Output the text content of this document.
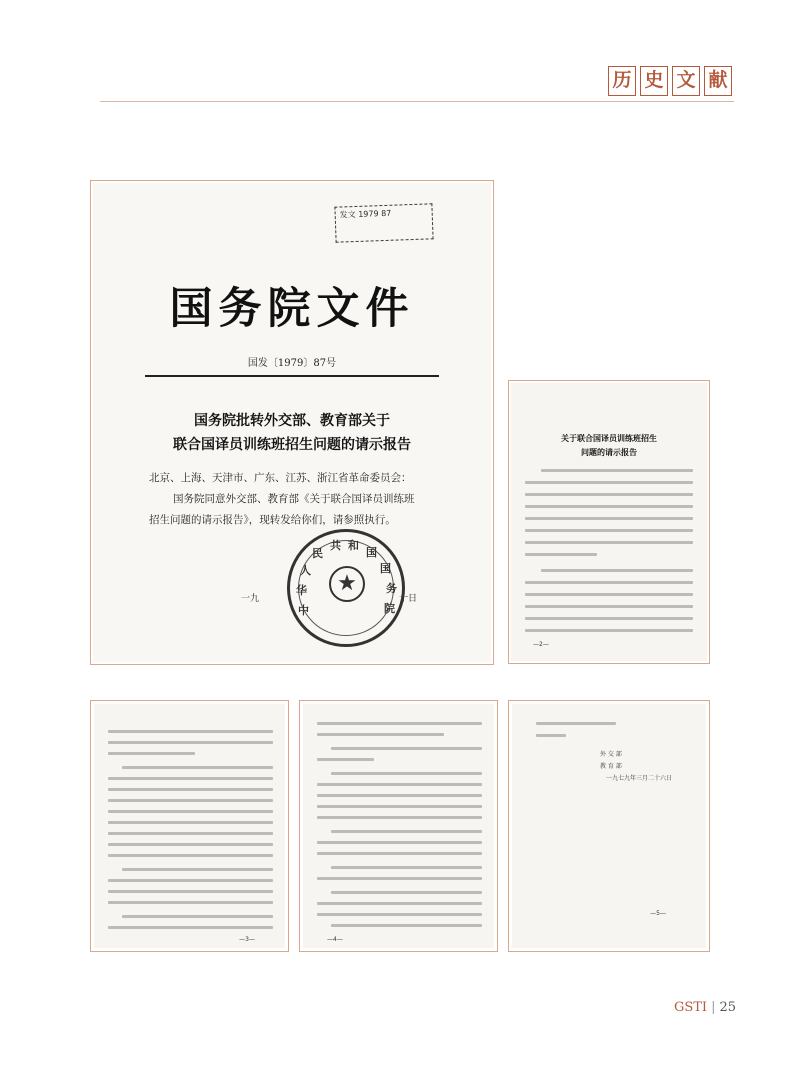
历 史 文 献
发文 1979 87
国务院文件
国发〔1979〕87号
国务院批转外交部、教育部关于
联合国译员训练班招生问题的请示报告

北京、上海、天津市、广东、江苏、浙江省革命委员会：

国务院同意外交部、教育部《关于联合国译员训练班

招生问题的请示报告》，现转发给你们，请参照执行。

一九	十日
★
中
华
人
民
共 和
国
国
务
院
关于联合国译员训练班招生
问题的请示报告
—2—
—3—	—4—
外 交 部
教 育 部
一九七九年三月二十六日
—5—
GSTI | 25
